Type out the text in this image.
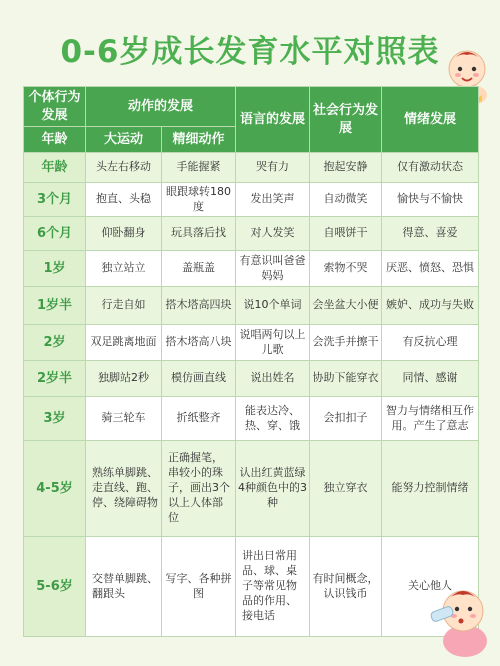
0-6岁成长发育水平对照表
个体行为发展	动作的发展		语言的发展	社会行为发展	情绪发展
年龄	大运动	精细动作			
年龄	头左右移动	手能握紧	哭有力	抱起安静	仅有激动状态
3个月	抱直、头稳	眼跟球转180度	发出笑声	自动微笑	愉快与不愉快
6个月	仰卧翻身	玩具落后找	对人发笑	自喂饼干	得意、喜爱
1岁	独立站立	盖瓶盖	有意识叫爸爸妈妈	索物不哭	厌恶、愤怒、恐惧
1岁半	行走自如	搭木塔高四块	说10个单词	会坐盆大小便	嫉妒、成功与失败
2岁	双足跳离地面	搭木塔高八块	说唱两句以上儿歌	会洗手并擦干	有反抗心理
2岁半	独脚站2秒	模仿画直线	说出姓名	协助下能穿衣	同情、感谢
3岁	骑三轮车	折纸整齐	能表达冷、热、穿、饿	会扣扣子	智力与情绪相互作用。产生了意志
4-5岁	熟练单脚跳、走直线、跑、停、绕障碍物	正确握笔，串较小的珠子，画出3个以上人体部位	认出红黄蓝绿4种颜色中的3种	独立穿衣	能努力控制情绪
5-6岁	交替单脚跳、翻跟头	写字、各种拼图	讲出日常用品、球、桌子等常见物品的作用、接电话	有时间概念，认识钱币	关心他人
